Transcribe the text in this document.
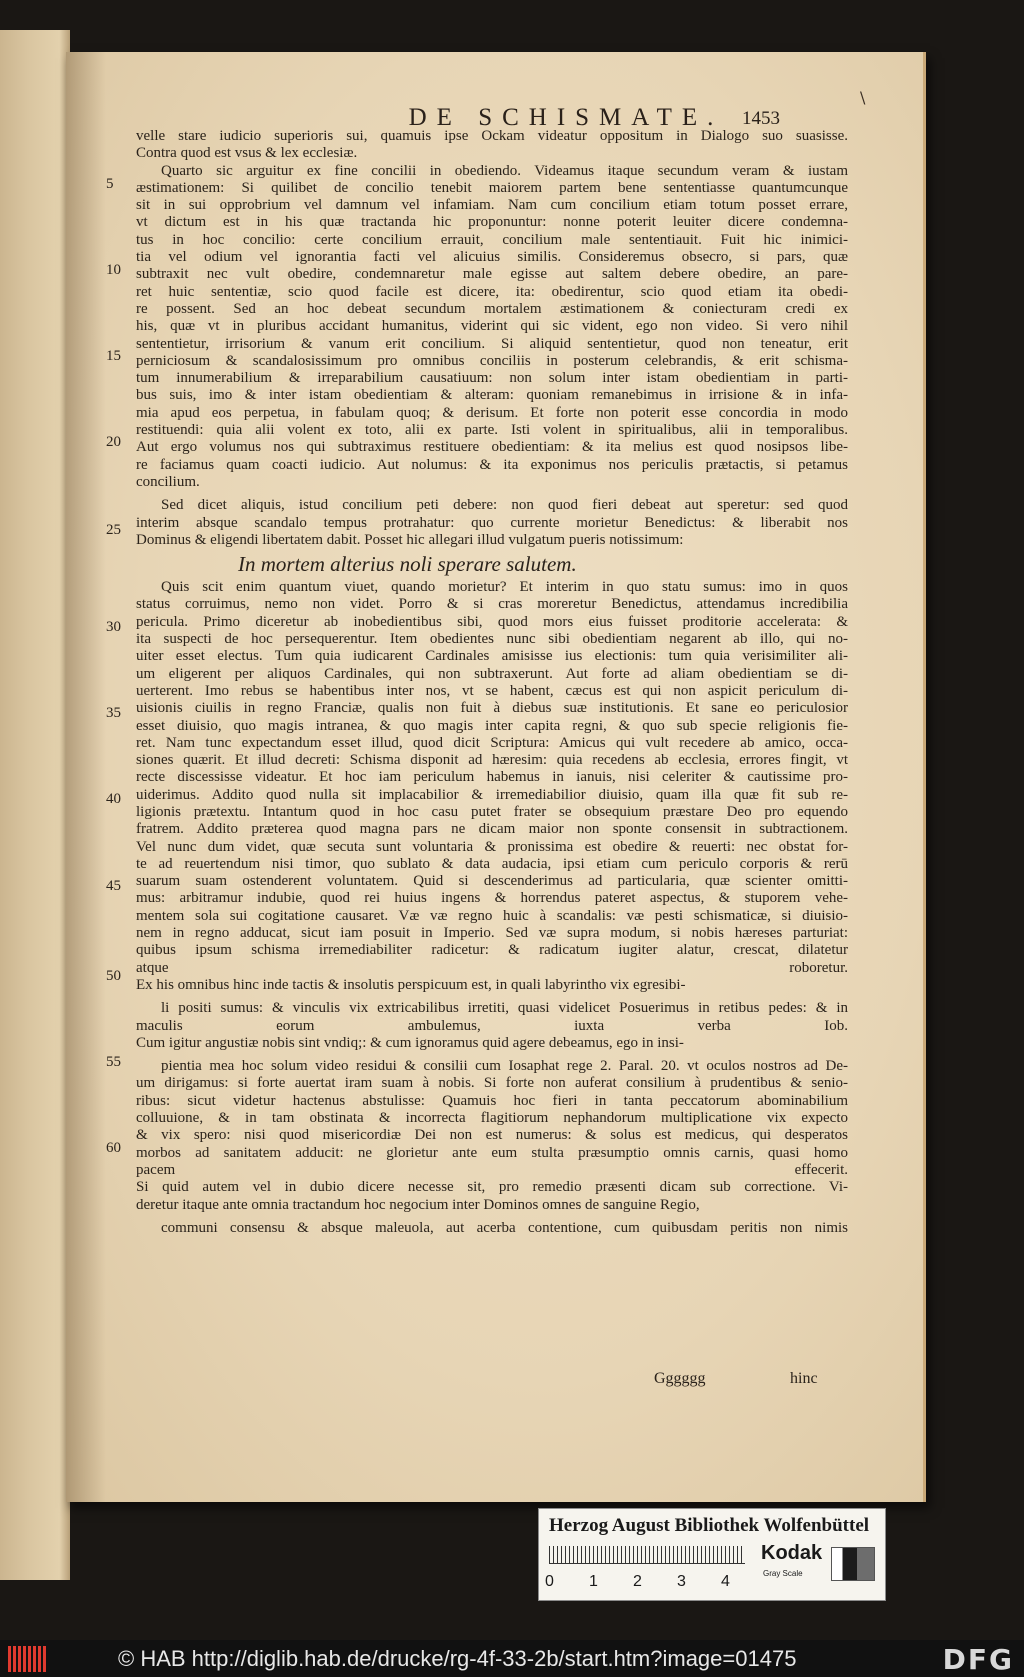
\
DE SCHISMATE. 1453
velle stare iudicio superioris sui, quamuis ipse Ockam videatur oppositum in Dialogo suo suasisse.
Contra quod est vsus & lex ecclesiæ.
Quarto sic arguitur ex fine concilii in obediendo. Videamus itaque secundum veram & iustam
æstimationem: Si quilibet de concilio tenebit maiorem partem bene sententiasse quantumcunque
sit in sui opprobrium vel damnum vel infamiam. Nam cum concilium etiam totum posset errare,
vt dictum est in his quæ tractanda hic proponuntur: nonne poterit leuiter dicere condemna-
tus in hoc concilio: certe concilium errauit, concilium male sententiauit. Fuit hic inimici-
tia vel odium vel ignorantia facti vel alicuius similis. Consideremus obsecro, si pars, quæ
subtraxit nec vult obedire, condemnaretur male egisse aut saltem debere obedire, an pare-
ret huic sententiæ, scio quod facile est dicere, ita: obedirentur, scio quod etiam ita obedi-
re possent. Sed an hoc debeat secundum mortalem æstimationem & coniecturam credi ex
his, quæ vt in pluribus accidant humanitus, viderint qui sic vident, ego non video. Si vero nihil
sententietur, irrisorium & vanum erit concilium. Si aliquid sententietur, quod non teneatur, erit
perniciosum & scandalosissimum pro omnibus conciliis in posterum celebrandis, & erit schisma-
tum innumerabilium & irreparabilium causatiuum: non solum inter istam obedientiam in parti-
bus suis, imo & inter istam obedientiam & alteram: quoniam remanebimus in irrisione & in infa-
mia apud eos perpetua, in fabulam quoq; & derisum. Et forte non poterit esse concordia in modo
restituendi: quia alii volent ex toto, alii ex parte. Isti volent in spiritualibus, alii in temporalibus.
Aut ergo volumus nos qui subtraximus restituere obedientiam: & ita melius est quod nosipsos libe-
re faciamus quam coacti iudicio. Aut nolumus: & ita exponimus nos periculis prætactis, si petamus
concilium.
Sed dicet aliquis, istud concilium peti debere: non quod fieri debeat aut speretur: sed quod
interim absque scandalo tempus protrahatur: quo currente morietur Benedictus: & liberabit nos
Dominus & eligendi libertatem dabit. Posset hic allegari illud vulgatum pueris notissimum:
In mortem alterius noli sperare salutem.
Quis scit enim quantum viuet, quando morietur? Et interim in quo statu sumus: imo in quos
status corruimus, nemo non videt. Porro & si cras moreretur Benedictus, attendamus incredibilia
pericula. Primo diceretur ab inobedientibus sibi, quod mors eius fuisset proditorie accelerata: &
ita suspecti de hoc persequerentur. Item obedientes nunc sibi obedientiam negarent ab illo, qui no-
uiter esset electus. Tum quia iudicarent Cardinales amisisse ius electionis: tum quia verisimiliter ali-
um eligerent per aliquos Cardinales, qui non subtraxerunt. Aut forte ad aliam obedientiam se di-
uerterent. Imo rebus se habentibus inter nos, vt se habent, cæcus est qui non aspicit periculum di-
uisionis ciuilis in regno Franciæ, qualis non fuit à diebus suæ institutionis. Et sane eo periculosior
esset diuisio, quo magis intranea, & quo magis inter capita regni, & quo sub specie religionis fie-
ret. Nam tunc expectandum esset illud, quod dicit Scriptura: Amicus qui vult recedere ab amico, occa-
siones quærit. Et illud decreti: Schisma disponit ad hæresim: quia recedens ab ecclesia, errores fingit, vt
recte discessisse videatur. Et hoc iam periculum habemus in ianuis, nisi celeriter & cautissime pro-
uiderimus. Addito quod nulla sit implacabilior & irremediabilior diuisio, quam illa quæ fit sub re-
ligionis prætextu. Intantum quod in hoc casu putet frater se obsequium præstare Deo pro equendo
fratrem. Addito præterea quod magna pars ne dicam maior non sponte consensit in subtractionem.
Vel nunc dum videt, quæ secuta sunt voluntaria & pronissima est obedire & reuerti: nec obstat for-
te ad reuertendum nisi timor, quo sublato & data audacia, ipsi etiam cum periculo corporis & rerū
suarum suam ostenderent voluntatem. Quid si descenderimus ad particularia, quæ scienter omitti-
mus: arbitramur indubie, quod rei huius ingens & horrendus pateret aspectus, & stuporem vehe-
mentem sola sui cogitatione causaret. Væ væ regno huic à scandalis: væ pesti schismaticæ, si diuisio-
nem in regno adducat, sicut iam posuit in Imperio. Sed væ supra modum, si nobis hæreses parturiat:
quibus ipsum schisma irremediabiliter radicetur: & radicatum iugiter alatur, crescat, dilatetur
atque roboretur.
Ex his omnibus hinc inde tactis & insolutis perspicuum est, in quali labyrintho vix egresibi-
li positi sumus: & vinculis vix extricabilibus irretiti, quasi videlicet Posuerimus in retibus pedes: & in
maculis eorum ambulemus, iuxta verba Iob.
Cum igitur angustiæ nobis sint vndiq;: & cum ignoramus quid agere debeamus, ego in insi-
pientia mea hoc solum video residui & consilii cum Iosaphat rege 2. Paral. 20. vt oculos nostros ad De-
um dirigamus: si forte auertat iram suam à nobis. Si forte non auferat consilium à prudentibus & senio-
ribus: sicut videtur hactenus abstulisse: Quamuis hoc fieri in tanta peccatorum abominabilium
colluuione, & in tam obstinata & incorrecta flagitiorum nephandorum multiplicatione vix expecto
& vix spero: nisi quod misericordiæ Dei non est numerus: & solus est medicus, qui desperatos
morbos ad sanitatem adducit: ne glorietur ante eum stulta præsumptio omnis carnis, quasi homo
pacem effecerit.
Si quid autem vel in dubio dicere necesse sit, pro remedio præsenti dicam sub correctione. Vi-
deretur itaque ante omnia tractandum hoc negocium inter Dominos omnes de sanguine Regio,
communi consensu & absque maleuola, aut acerba contentione, cum quibusdam peritis non nimis
5
10
15
20
25
30
35
40
45
50
55
60
Gggggg	hinc
Herzog August Bibliothek Wolfenbüttel
0 1 2 3 4
Kodak
Gray Scale
© HAB http://diglib.hab.de/drucke/rg-4f-33-2b/start.htm?image=01475	DFG
